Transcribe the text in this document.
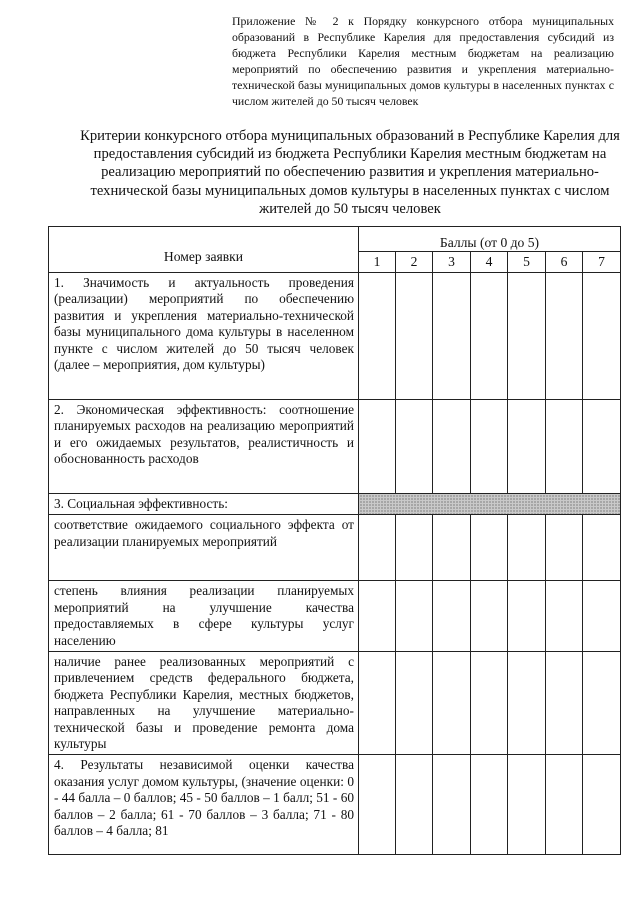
Приложение № 2 к Порядку конкурсного отбора муниципальных образований в Республике Карелия для предоставления субсидий из бюджета Республики Карелия местным бюджетам на реализацию мероприятий по обеспечению развития и укрепления материально-технической базы муниципальных домов культуры в населенных пунктах с числом жителей до 50 тысяч человек
Критерии конкурсного отбора муниципальных образований в Республике Карелия для предоставления субсидий из бюджета Республики Карелия местным бюджетам на реализацию мероприятий по обеспечению развития и укрепления материально-технической базы муниципальных домов культуры в населенных пунктах с числом жителей до 50 тысяч человек
Номер заявки	Баллы (от 0 до 5)						
	1	2	3	4	5	6	7
1. Значимость и актуальность проведения (реализации) мероприятий по обеспечению развития и укрепления материально-технической базы муниципального дома культуры в населенном пункте с числом жителей до 50 тысяч человек (далее – мероприятия, дом культуры)							
2. Экономическая эффективность: соотношение планируемых расходов на реализацию мероприятий и его ожидаемых результатов, реалистичность и обоснованность расходов							
3. Социальная эффективность:							
соответствие ожидаемого социального эффекта от реализации планируемых мероприятий							
степень влияния реализации планируемых мероприятий на улучшение качества предоставляемых в сфере культуры услуг населению							
наличие ранее реализованных мероприятий с привлечением средств федерального бюджета, бюджета Республики Карелия, местных бюджетов, направленных на улучшение материально-технической базы и проведение ремонта дома культуры							
4. Результаты независимой оценки качества оказания услуг домом культуры, (значение оценки: 0 - 44 балла – 0 баллов; 45 - 50 баллов – 1 балл; 51 - 60 баллов – 2 балла; 61 - 70 баллов – 3 балла; 71 - 80 баллов – 4 балла; 81							
